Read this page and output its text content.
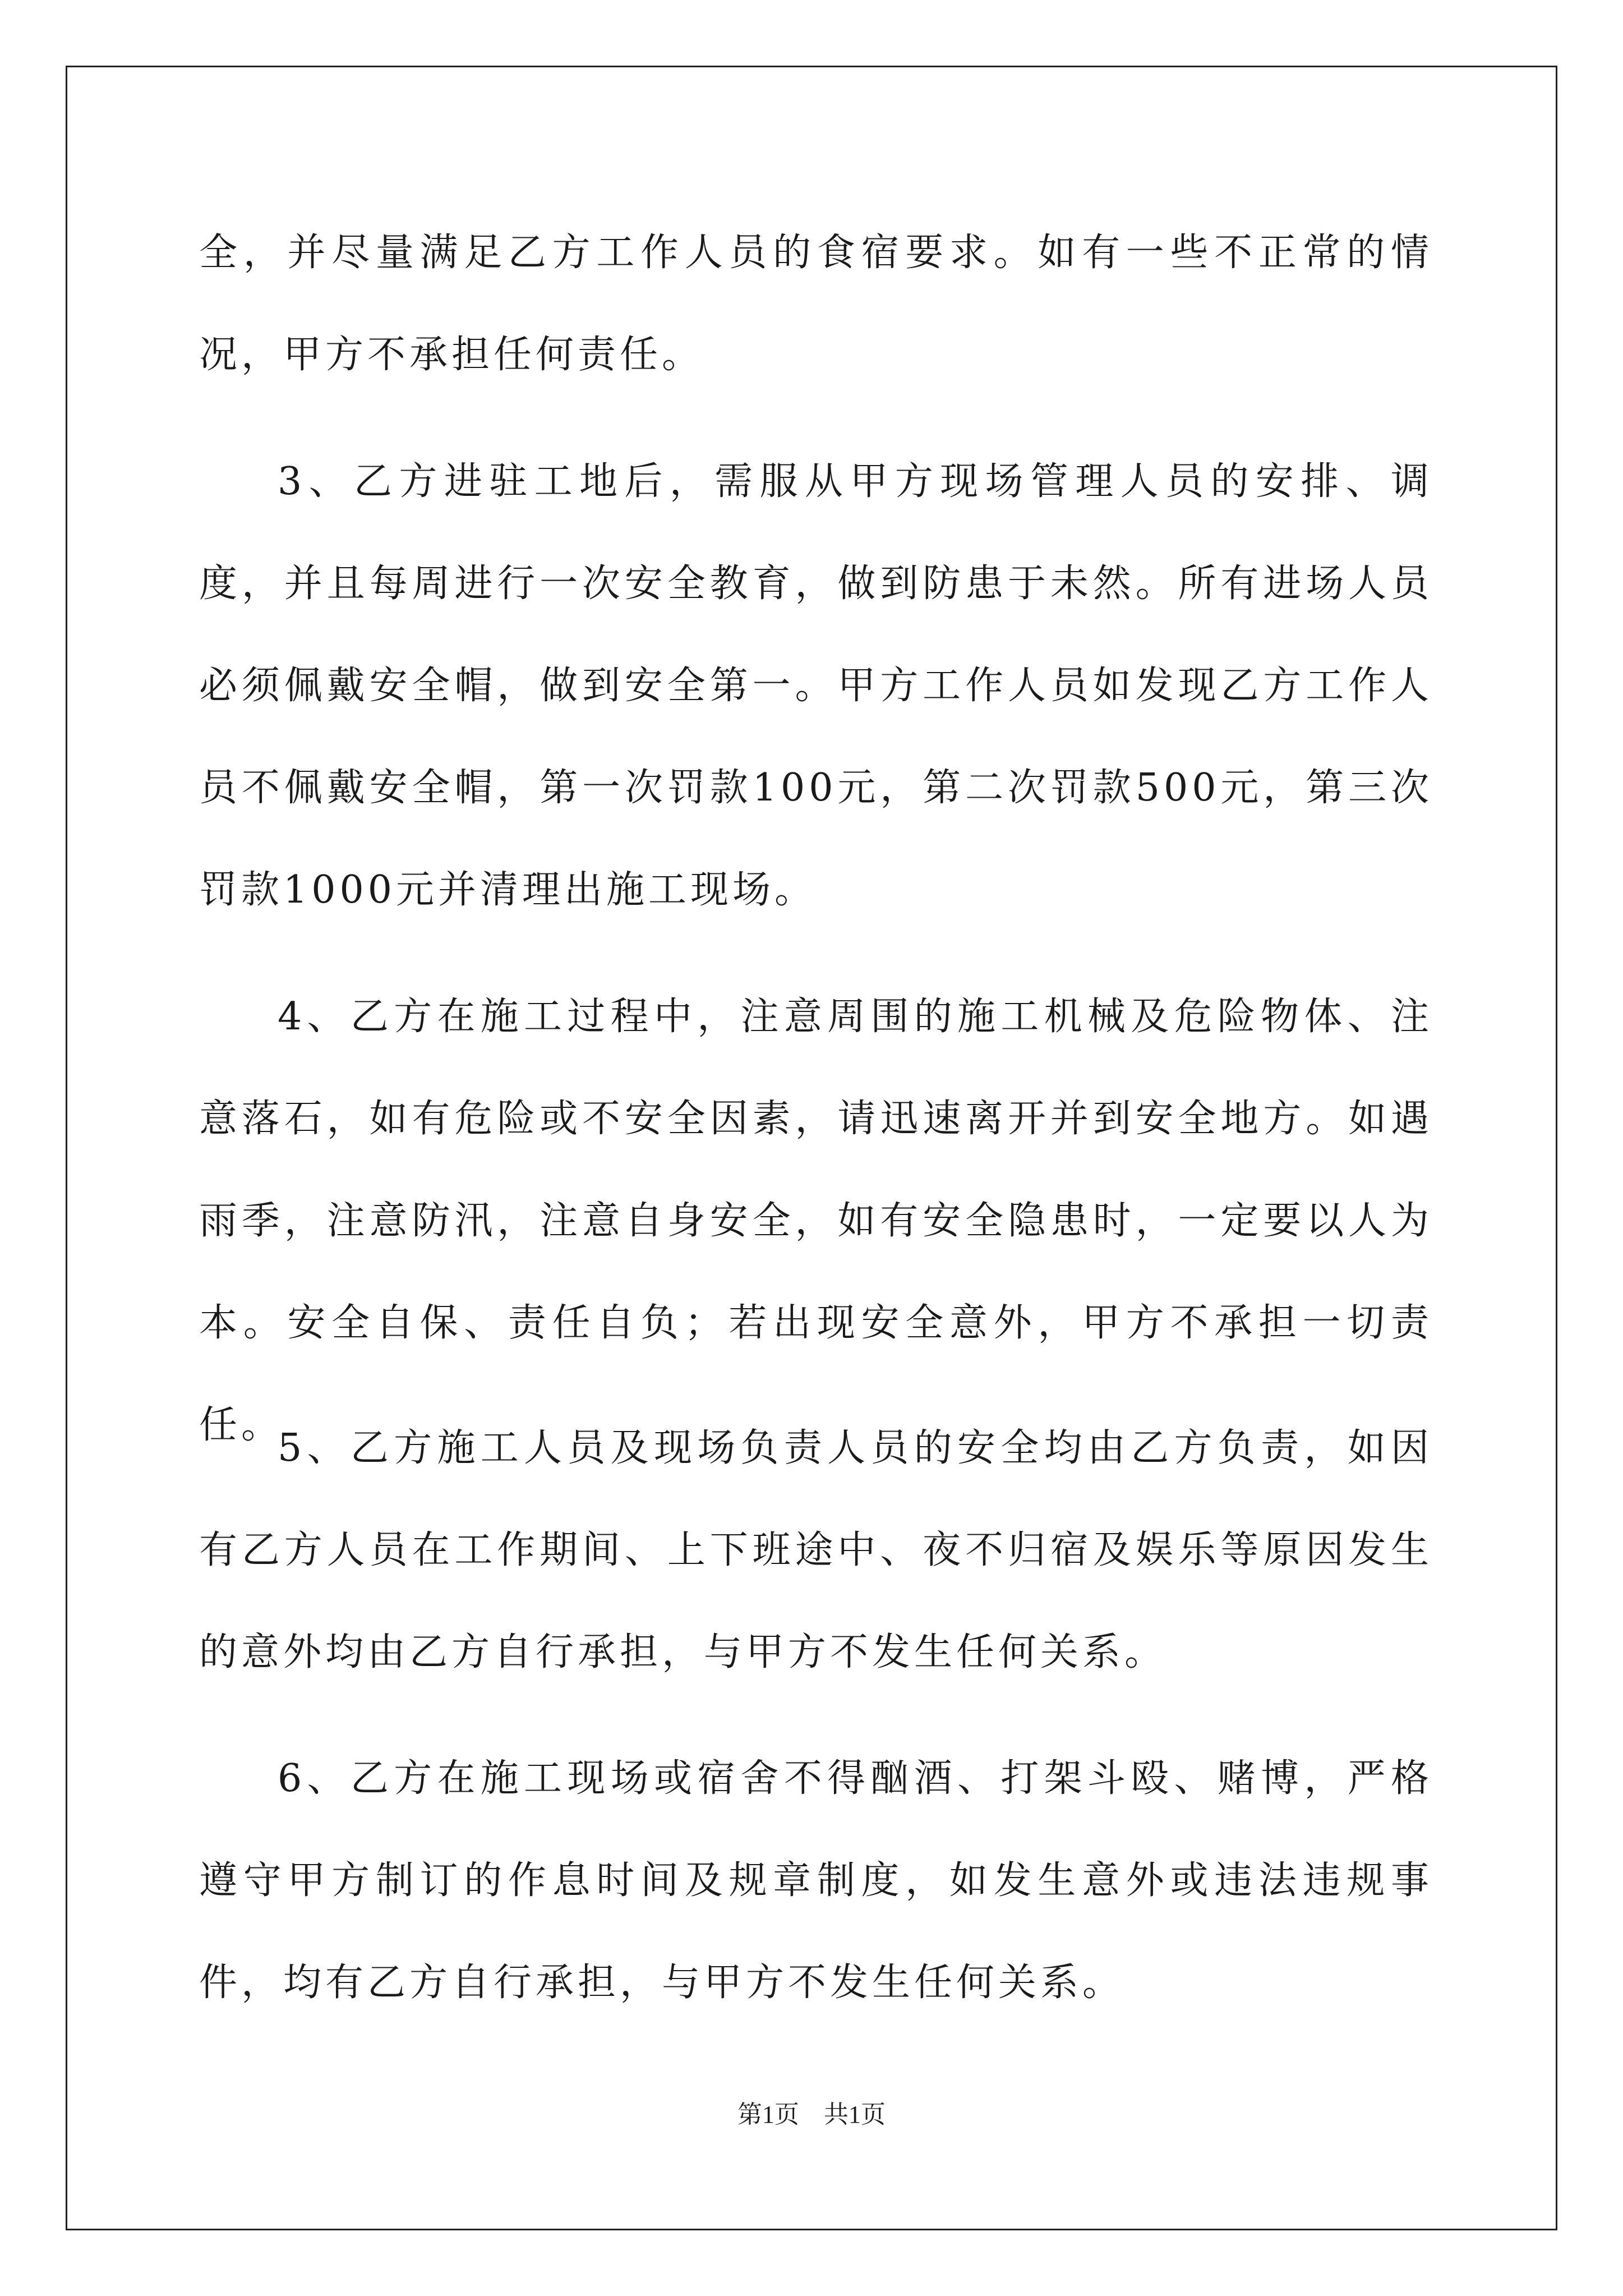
全，并尽量满足乙方工作人员的食宿要求。如有一些不正常的情况，甲方不承担任何责任。
3、乙方进驻工地后，需服从甲方现场管理人员的安排、调度，并且每周进行一次安全教育，做到防患于未然。所有进场人员必须佩戴安全帽，做到安全第一。甲方工作人员如发现乙方工作人员不佩戴安全帽，第一次罚款100元，第二次罚款500元，第三次罚款1000元并清理出施工现场。
4、乙方在施工过程中，注意周围的施工机械及危险物体、注意落石，如有危险或不安全因素，请迅速离开并到安全地方。如遇雨季，注意防汛，注意自身安全，如有安全隐患时，一定要以人为本。安全自保、责任自负；若出现安全意外，甲方不承担一切责任。
5、乙方施工人员及现场负责人员的安全均由乙方负责，如因有乙方人员在工作期间、上下班途中、夜不归宿及娱乐等原因发生的意外均由乙方自行承担，与甲方不发生任何关系。
6、乙方在施工现场或宿舍不得酗酒、打架斗殴、赌博，严格遵守甲方制订的作息时间及规章制度，如发生意外或违法违规事件，均有乙方自行承担，与甲方不发生任何关系。
第1页　共1页
